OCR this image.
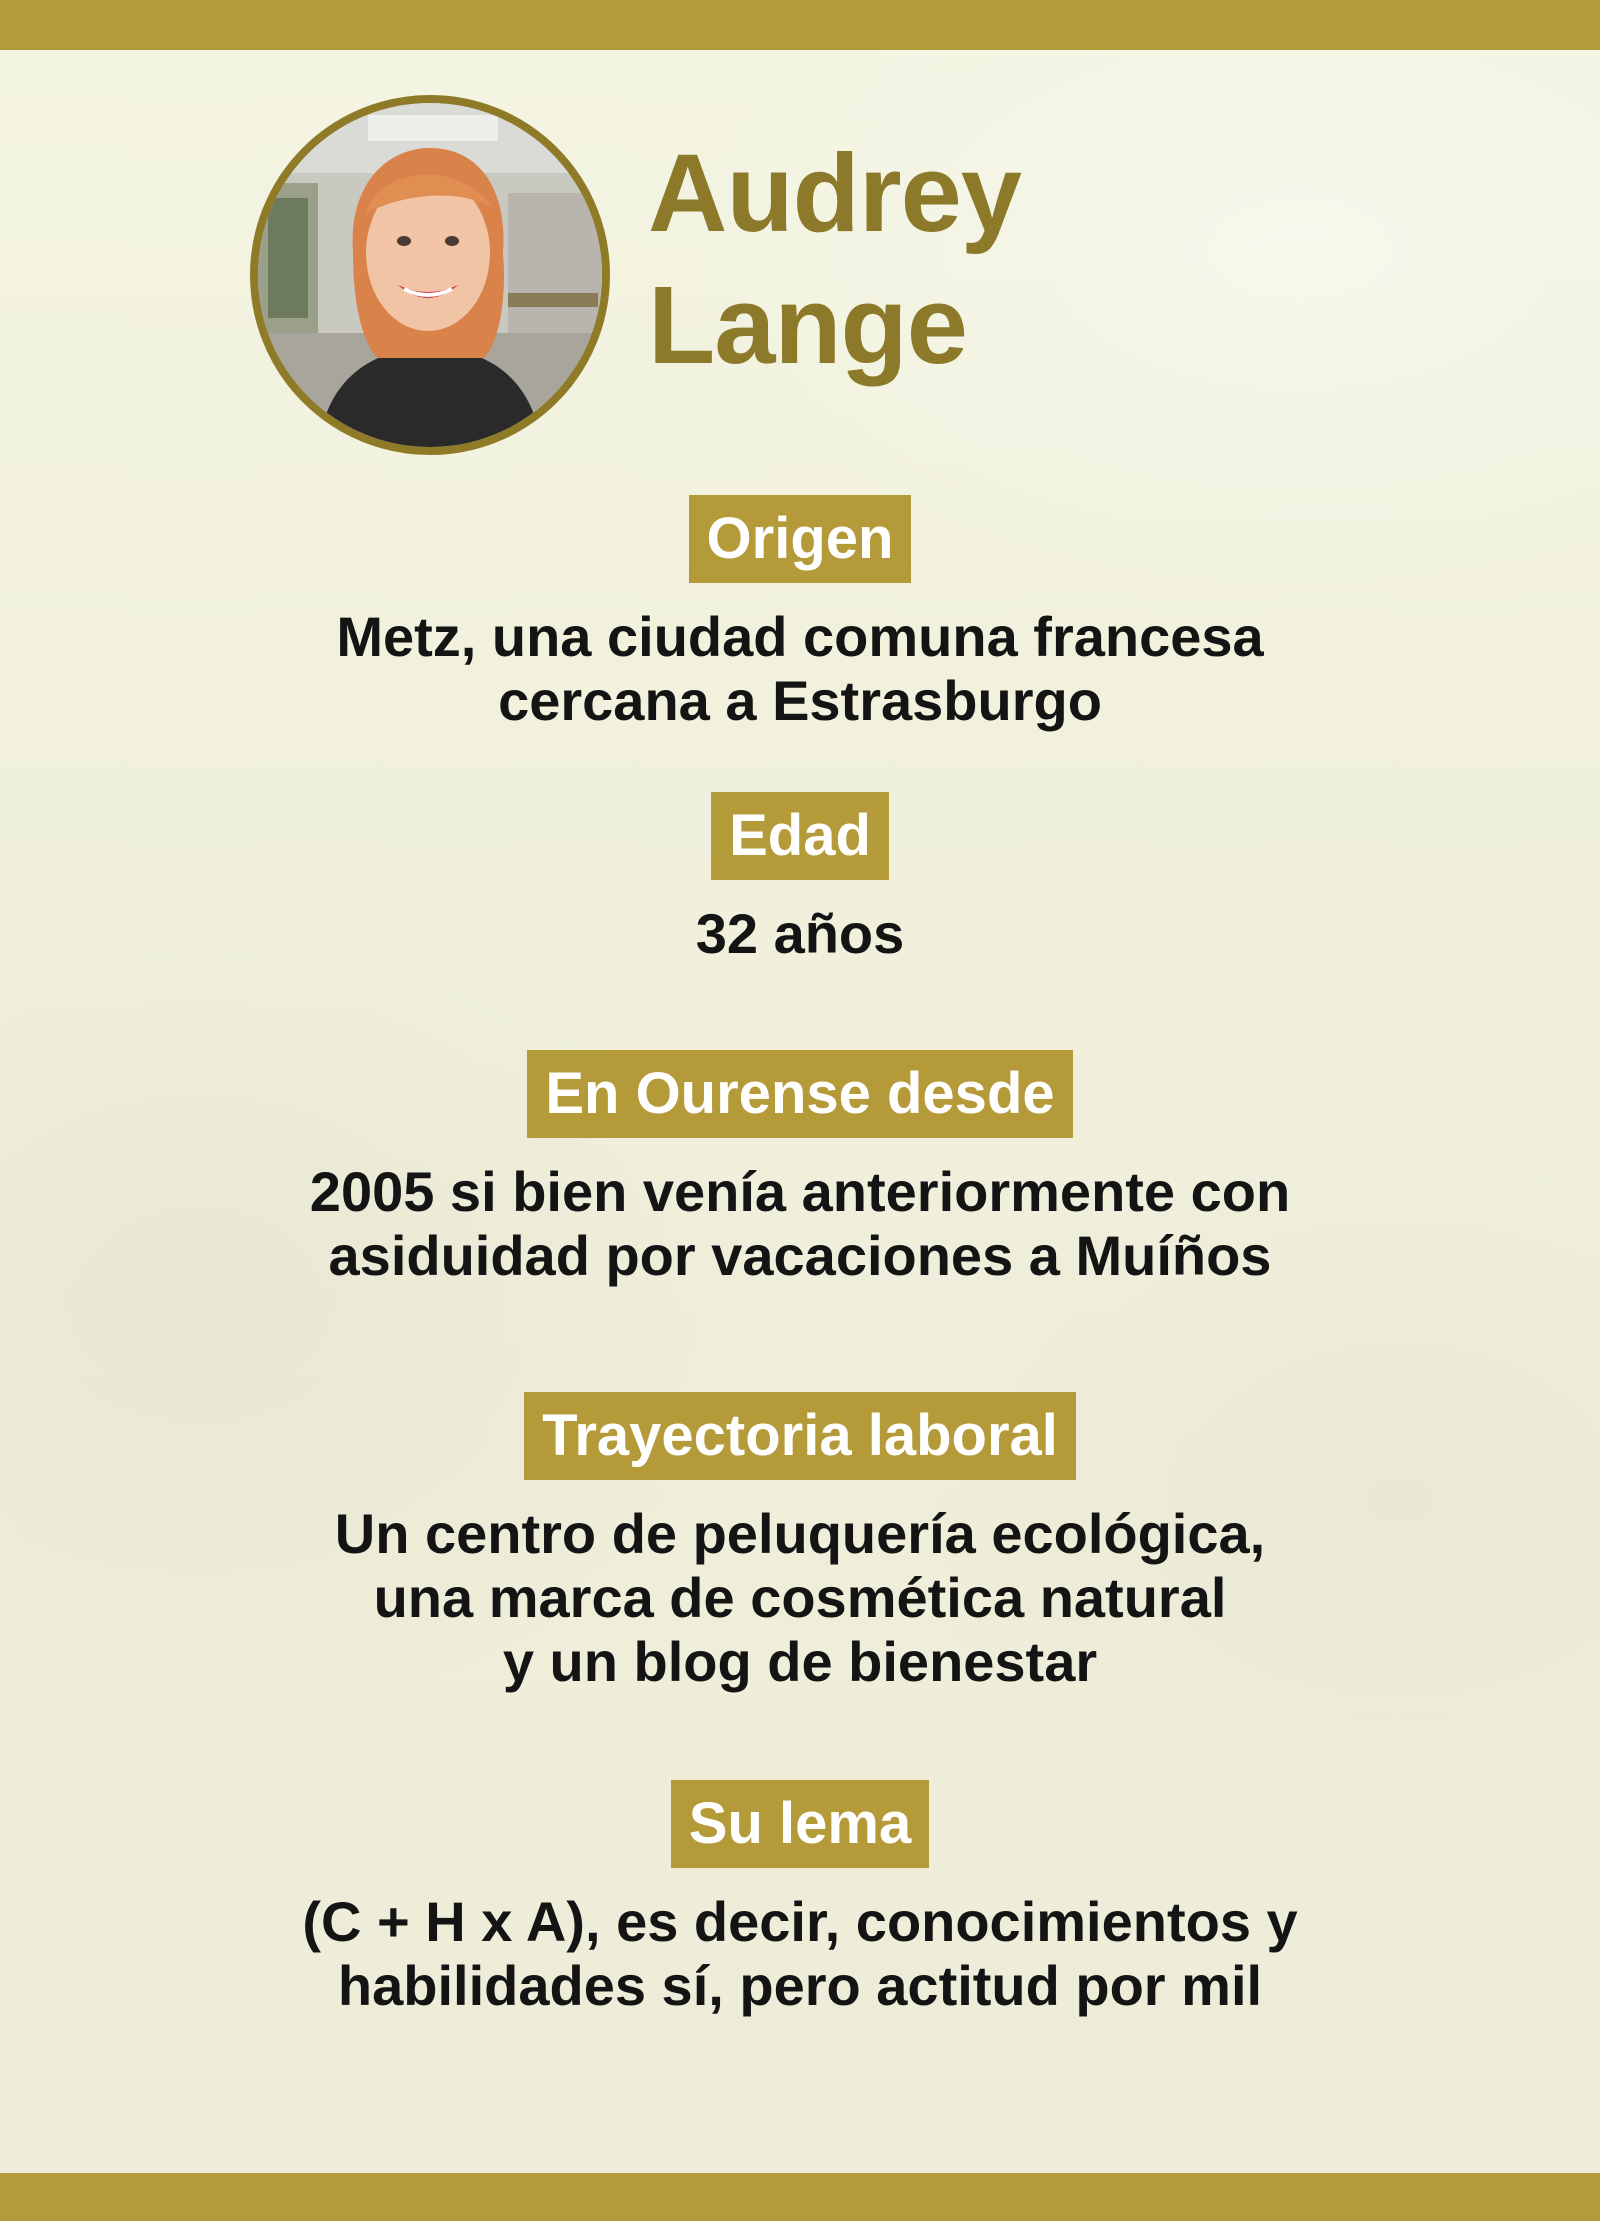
Audrey
Lange
Origen
Metz, una ciudad comuna francesa
cercana a Estrasburgo
Edad
32 años
En Ourense desde
2005 si bien venía anteriormente con
asiduidad por vacaciones a Muíños
Trayectoria laboral
Un centro de peluquería ecológica,
una marca de cosmética natural
y un blog de bienestar
Su lema
(C + H x A), es decir, conocimientos y
habilidades sí, pero actitud por mil
